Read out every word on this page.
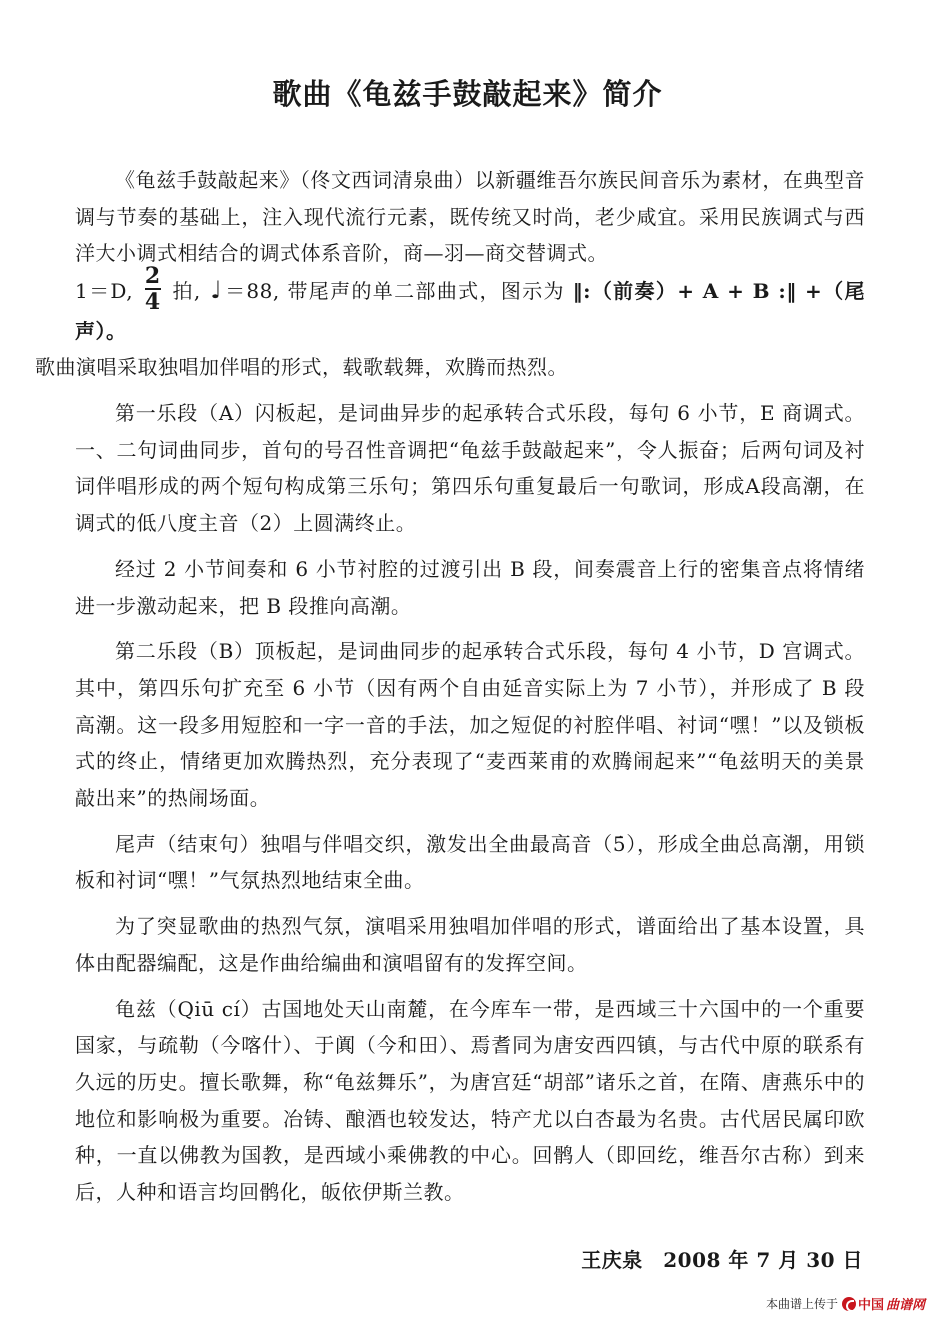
歌曲《龟兹手鼓敲起来》简介

《龟兹手鼓敲起来》（佟文西词清泉曲）以新疆维吾尔族民间音乐为素材，在典型音调与节奏的基础上，注入现代流行元素，既传统又时尚，老少咸宜。采用民族调式与西洋大小调式相结合的调式体系音阶，商—羽—商交替调式。
1＝D, $\frac{2}{4}$ 拍, ♩ ＝88, 带尾声的单二部曲式，图示为 ‖:（前奏）+ A + B :‖ +（尾声）。
歌曲演唱采取独唱加伴唱的形式，载歌载舞，欢腾而热烈。

第一乐段（A）闪板起，是词曲异步的起承转合式乐段，每句 6 小节，E 商调式。一、二句词曲同步，首句的号召性音调把“龟兹手鼓敲起来”，令人振奋；后两句词及衬词伴唱形成的两个短句构成第三乐句；第四乐句重复最后一句歌词，形成A段高潮，在调式的低八度主音（2）上圆满终止。

经过 2 小节间奏和 6 小节衬腔的过渡引出 B 段，间奏震音上行的密集音点将情绪进一步激动起来，把 B 段推向高潮。

第二乐段（B）顶板起，是词曲同步的起承转合式乐段，每句 4 小节，D 宫调式。其中，第四乐句扩充至 6 小节（因有两个自由延音实际上为 7 小节），并形成了 B 段高潮。这一段多用短腔和一字一音的手法，加之短促的衬腔伴唱、衬词“嘿！”以及锁板式的终止，情绪更加欢腾热烈，充分表现了“麦西莱甫的欢腾闹起来”“龟兹明天的美景敲出来”的热闹场面。

尾声（结束句）独唱与伴唱交织，激发出全曲最高音（5̇），形成全曲总高潮，用锁板和衬词“嘿！”气氛热烈地结束全曲。

为了突显歌曲的热烈气氛，演唱采用独唱加伴唱的形式，谱面给出了基本设置，具体由配器编配，这是作曲给编曲和演唱留有的发挥空间。

龟兹（Qiū cí）古国地处天山南麓，在今库车一带，是西域三十六国中的一个重要国家，与疏勒（今喀什）、于阗（今和田）、焉耆同为唐安西四镇，与古代中原的联系有久远的历史。擅长歌舞，称“龟兹舞乐”，为唐宫廷“胡部”诸乐之首，在隋、唐燕乐中的地位和影响极为重要。冶铸、酿酒也较发达，特产尤以白杏最为名贵。古代居民属印欧种，一直以佛教为国教，是西域小乘佛教的中心。回鹘人（即回纥，维吾尔古称）到来后，人种和语言均回鹘化，皈依伊斯兰教。

王庆泉　2008 年 7 月 30 日
本曲谱上传于 中国 曲谱网
